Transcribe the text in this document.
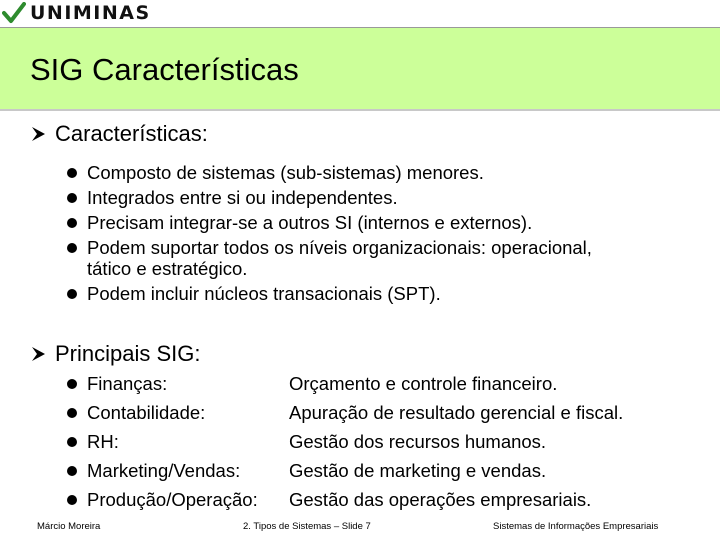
UNIMINAS
SIG Características
Características:
Composto de sistemas (sub-sistemas) menores.
Integrados entre si ou independentes.
Precisam integrar-se a outros SI (internos e externos).
Podem suportar todos os níveis organizacionais: operacional,
tático e estratégico.
Podem incluir núcleos transacionais (SPT).
Principais SIG:
Finanças:	Orçamento e controle financeiro.
Contabilidade:	Apuração de resultado gerencial e fiscal.
RH:	Gestão dos recursos humanos.
Marketing/Vendas:	Gestão de marketing e vendas.
Produção/Operação: Gestão das operações empresariais.
Márcio Moreira	2. Tipos de Sistemas – Slide 7	Sistemas de Informações Empresariais
